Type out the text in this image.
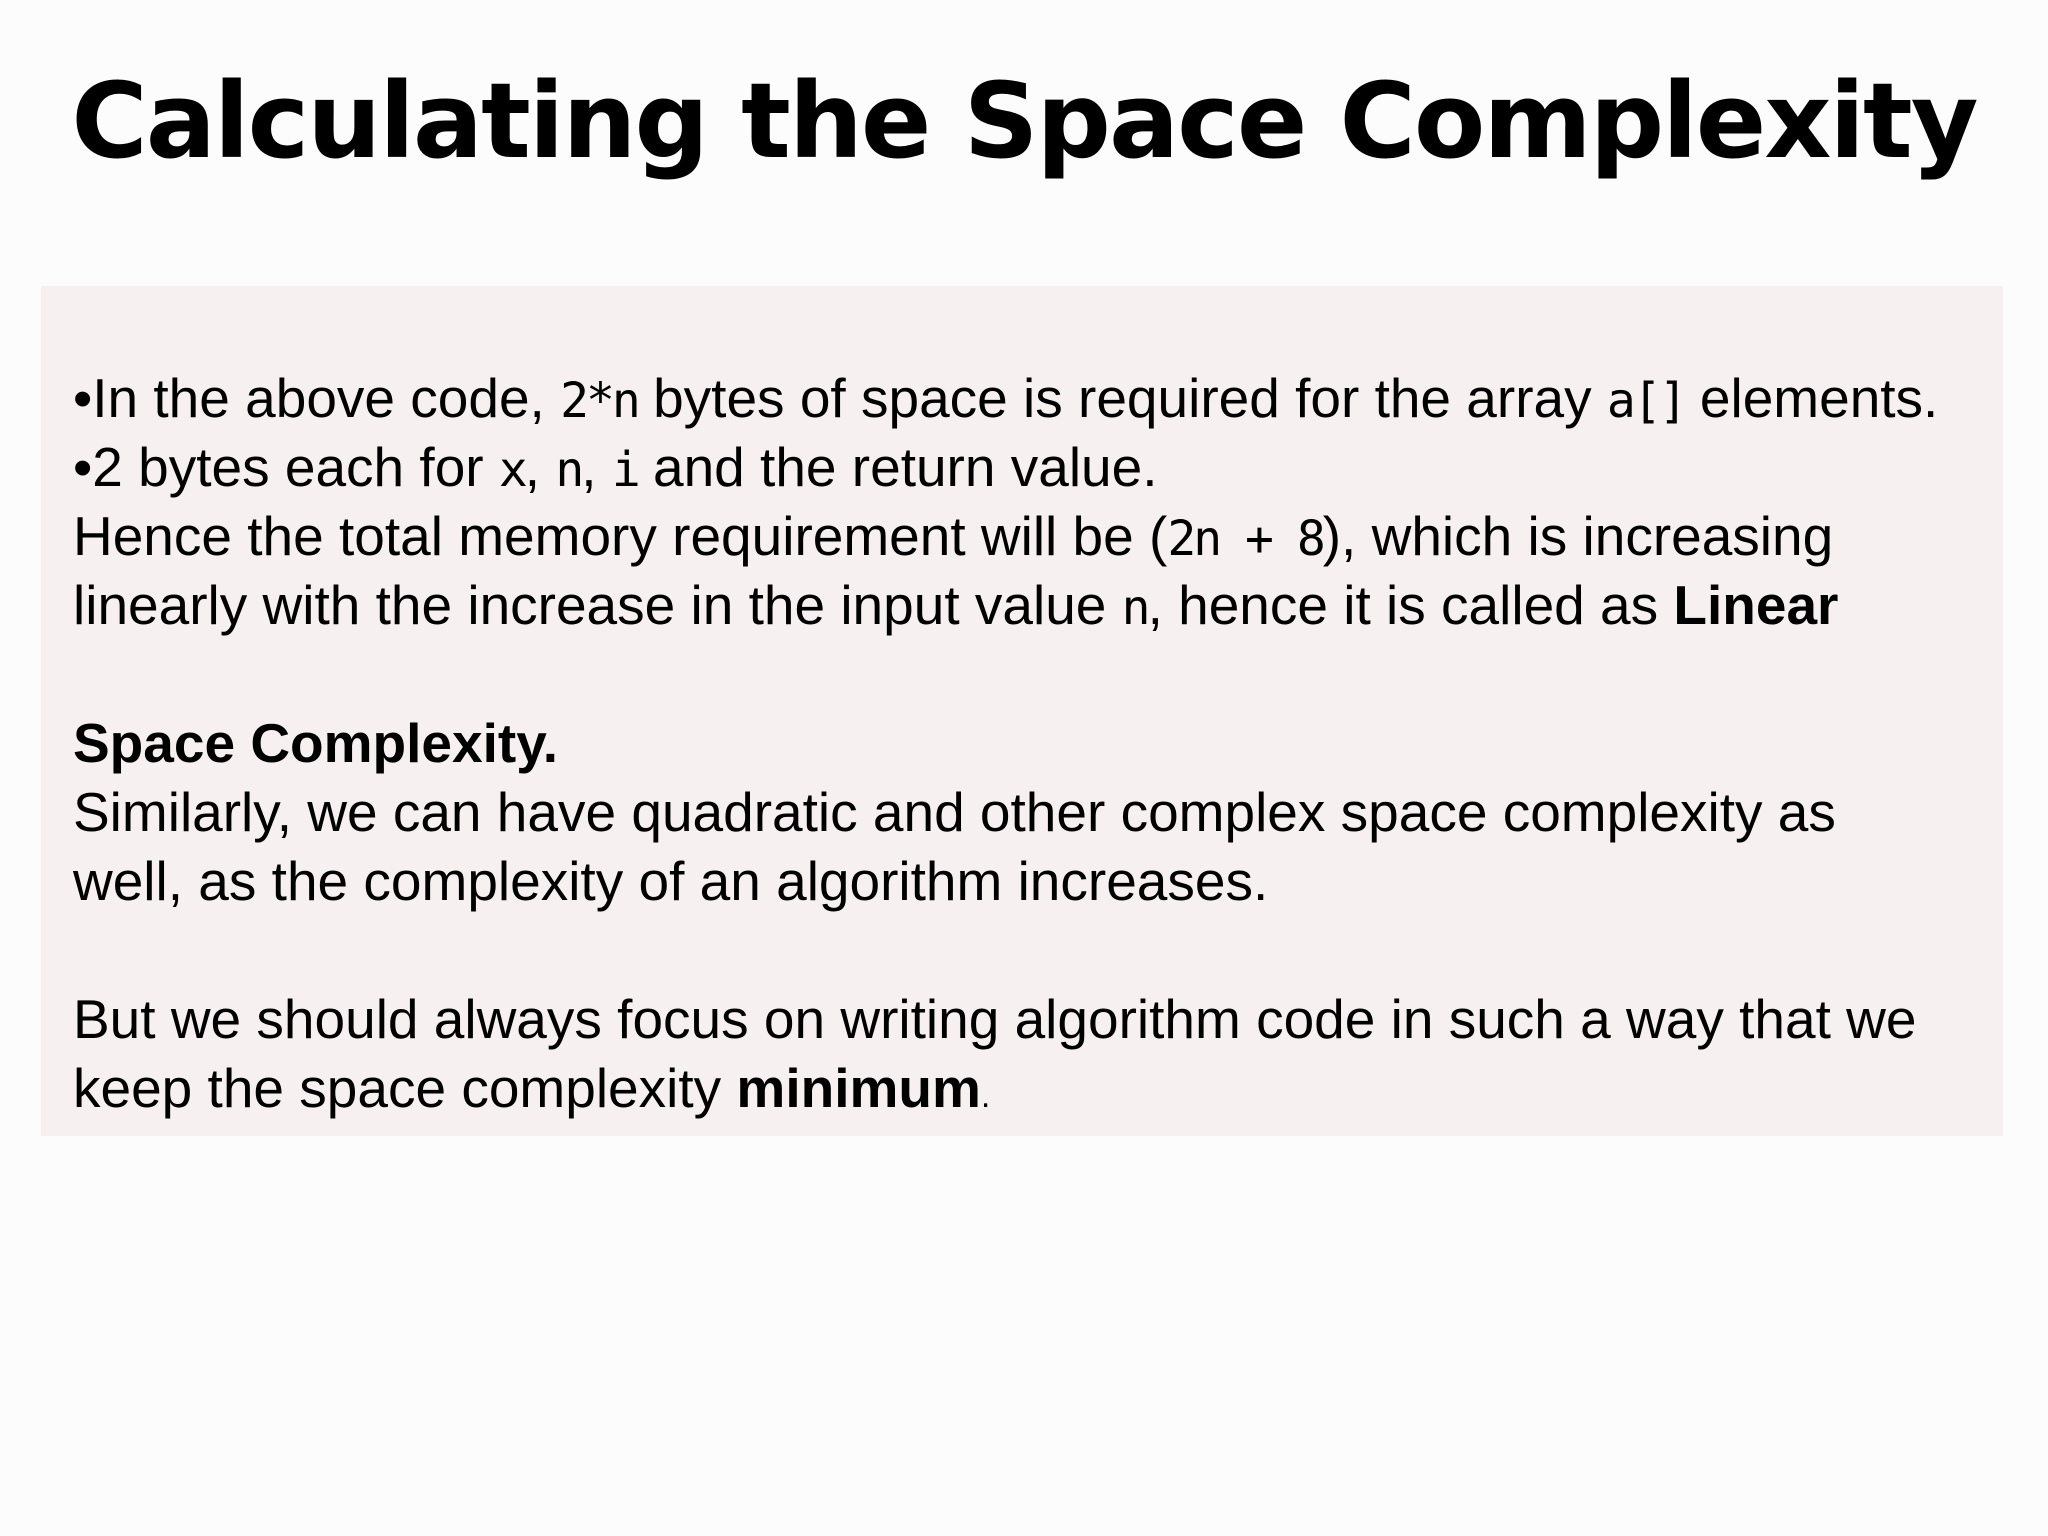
Calculating the Space Complexity
•In the above code, 2*n bytes of space is required for the array a[] elements.
•2 bytes each for x, n, i and the return value.
Hence the total memory requirement will be (2n + 8), which is increasing
linearly with the increase in the input value n, hence it is called as Linear
Space Complexity.
Similarly, we can have quadratic and other complex space complexity as
well, as the complexity of an algorithm increases.
But we should always focus on writing algorithm code in such a way that we
keep the space complexity minimum.
